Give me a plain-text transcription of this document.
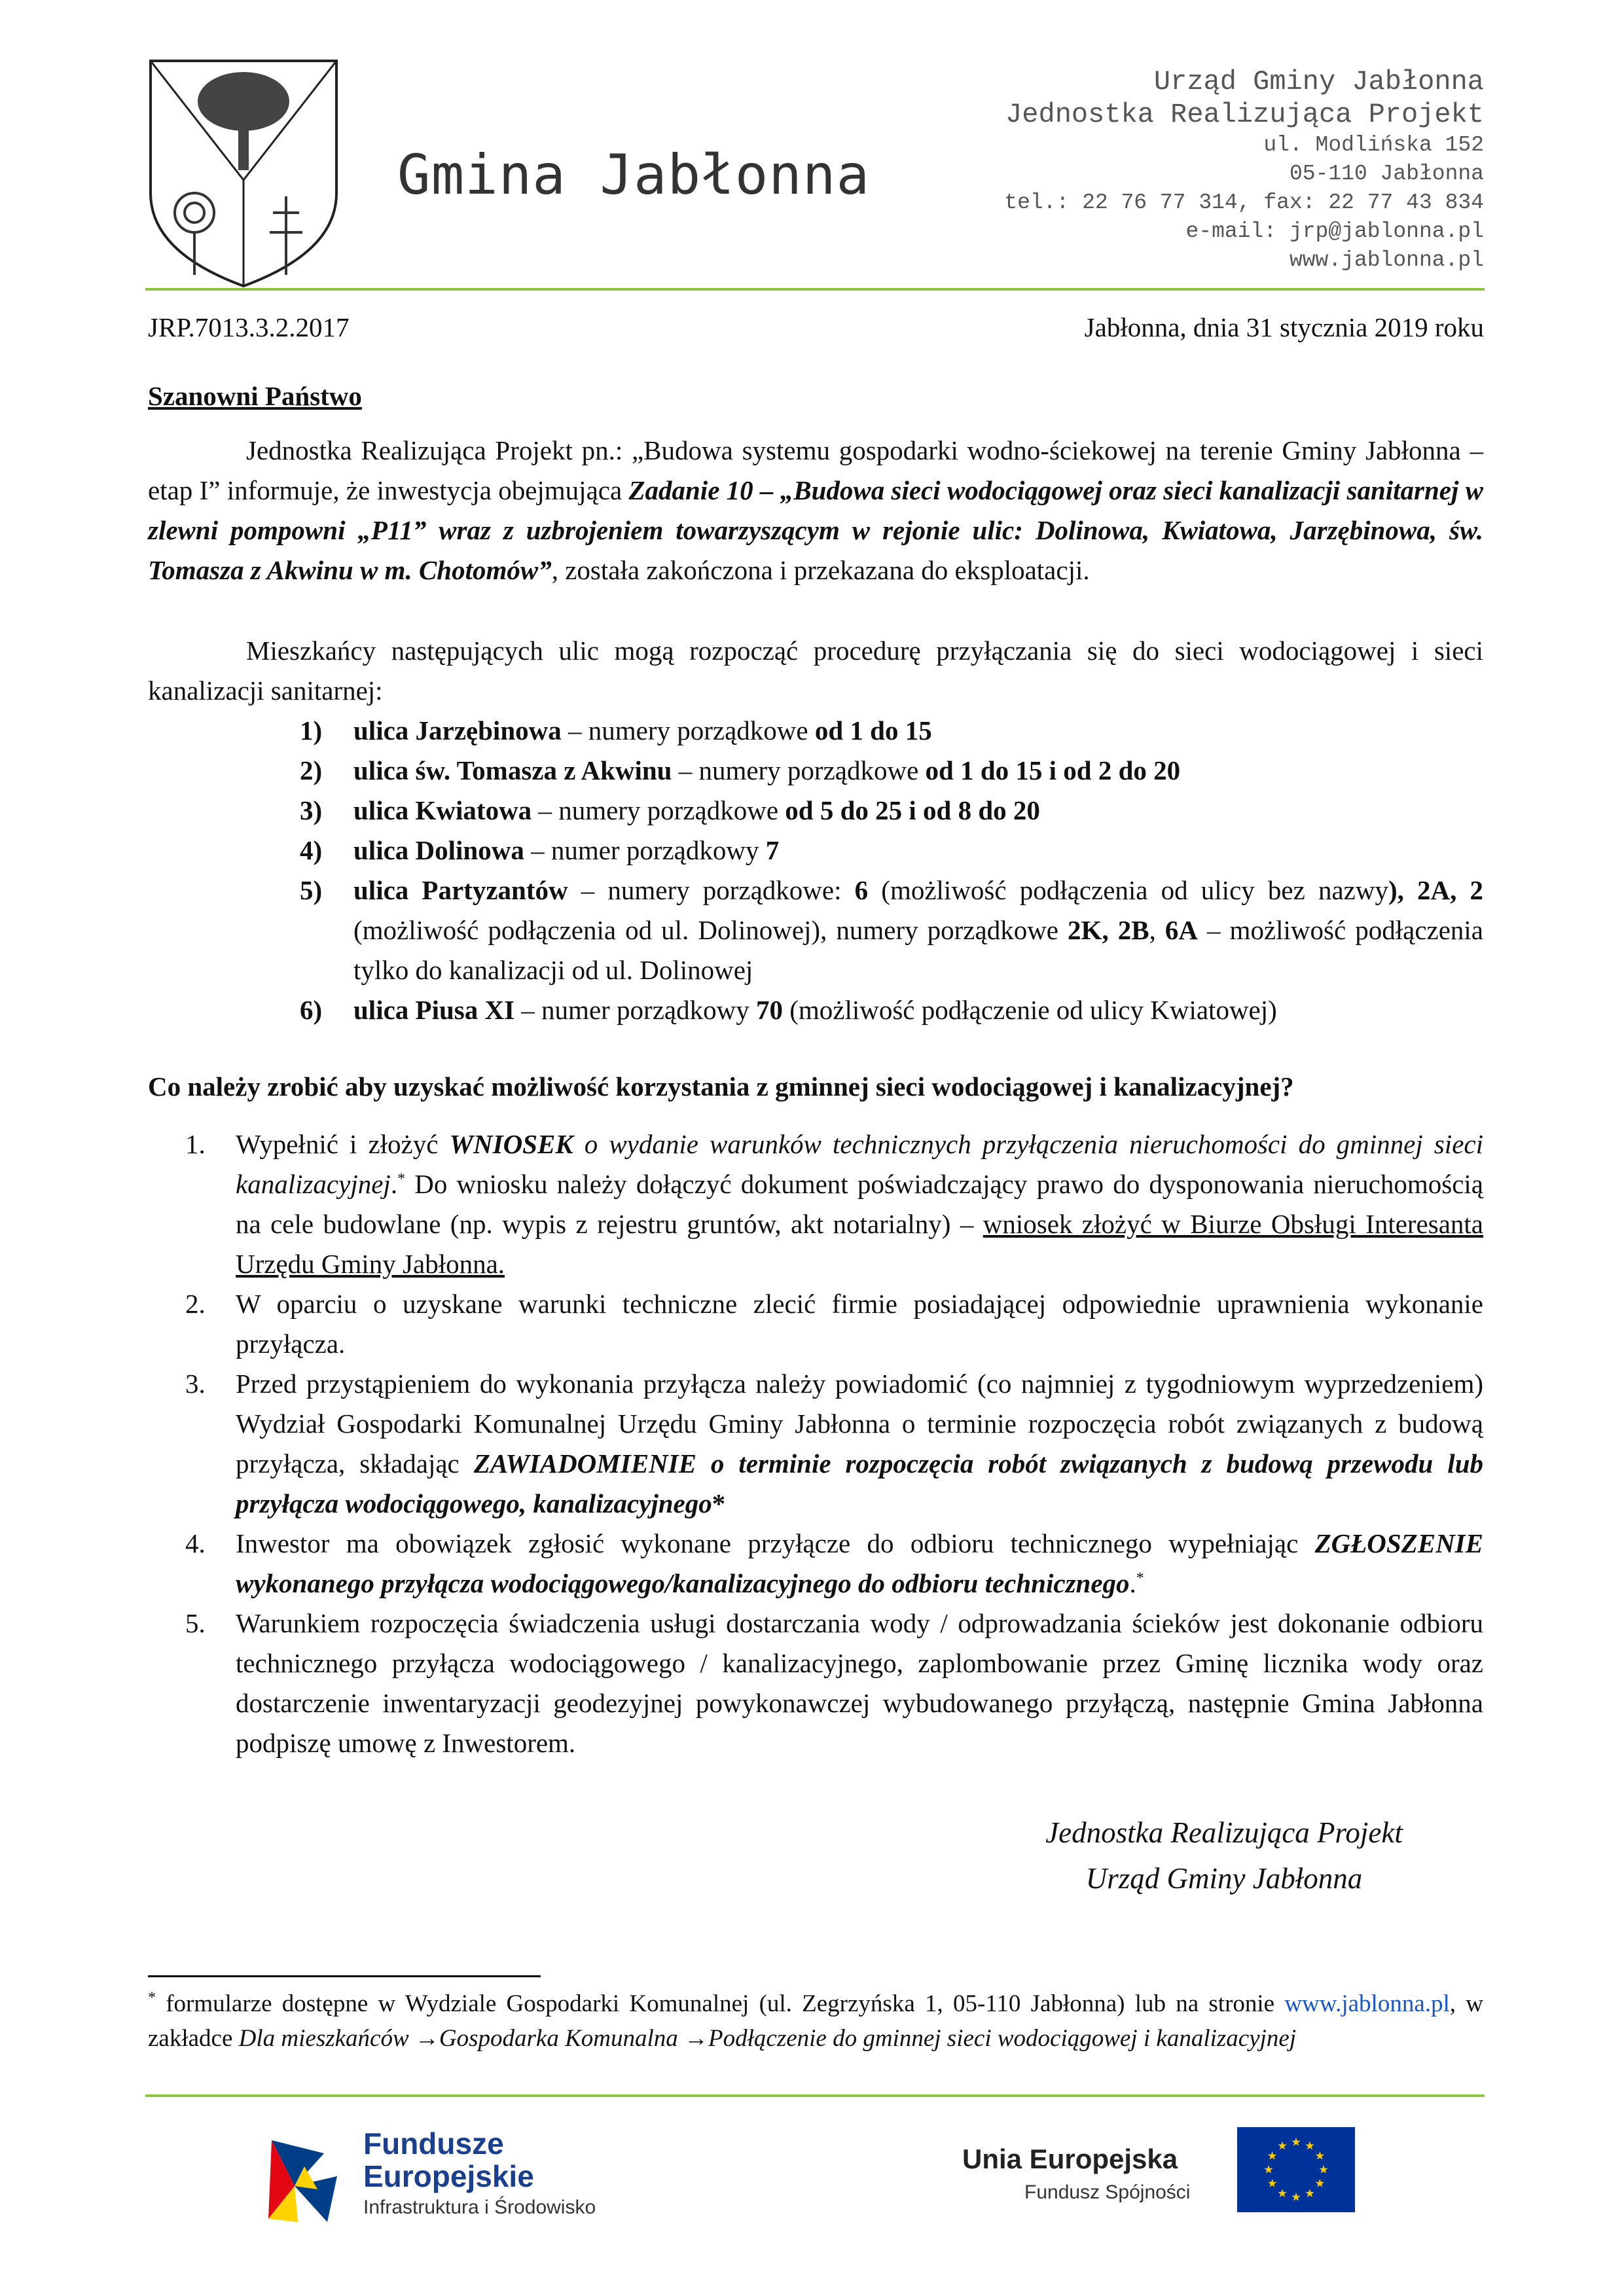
Gmina Jabłonna
Urząd Gminy Jabłonna
Jednostka Realizująca Projekt
ul. Modlińska 152
05-110 Jabłonna
tel.: 22 76 77 314, fax: 22 77 43 834
e-mail: jrp@jablonna.pl
www.jablonna.pl
JRP.7013.3.2.2017	Jabłonna, dnia 31 stycznia 2019 roku
Szanowni Państwo
Jednostka Realizująca Projekt pn.: „Budowa systemu gospodarki wodno-ściekowej na terenie Gminy Jabłonna – etap I” informuje, że inwestycja obejmująca Zadanie 10 – „Budowa sieci wodociągowej oraz sieci kanalizacji sanitarnej w zlewni pompowni „P11” wraz z uzbrojeniem towarzyszącym w rejonie ulic: Dolinowa, Kwiatowa, Jarzębinowa, św. Tomasza z Akwinu w m. Chotomów”, została zakończona i przekazana do eksploatacji.
Mieszkańcy następujących ulic mogą rozpocząć procedurę przyłączania się do sieci wodociągowej i sieci kanalizacji sanitarnej:
1) ulica Jarzębinowa – numery porządkowe od 1 do 15
2) ulica św. Tomasza z Akwinu – numery porządkowe od 1 do 15 i od 2 do 20
3) ulica Kwiatowa – numery porządkowe od 5 do 25 i od 8 do 20
4) ulica Dolinowa – numer porządkowy 7
5) ulica Partyzantów – numery porządkowe: 6 (możliwość podłączenia od ulicy bez nazwy), 2A, 2 (możliwość podłączenia od ul. Dolinowej), numery porządkowe 2K, 2B, 6A – możliwość podłączenia tylko do kanalizacji od ul. Dolinowej
6) ulica Piusa XI – numer porządkowy 70 (możliwość podłączenie od ulicy Kwiatowej)
Co należy zrobić aby uzyskać możliwość korzystania z gminnej sieci wodociągowej i kanalizacyjnej?
1. Wypełnić i złożyć WNIOSEK o wydanie warunków technicznych przyłączenia nieruchomości do gminnej sieci kanalizacyjnej.* Do wniosku należy dołączyć dokument poświadczający prawo do dysponowania nieruchomością na cele budowlane (np. wypis z rejestru gruntów, akt notarialny) – wniosek złożyć w Biurze Obsługi Interesanta Urzędu Gminy Jabłonna.
2. W oparciu o uzyskane warunki techniczne zlecić firmie posiadającej odpowiednie uprawnienia wykonanie przyłącza.
3. Przed przystąpieniem do wykonania przyłącza należy powiadomić (co najmniej z tygodniowym wyprzedzeniem) Wydział Gospodarki Komunalnej Urzędu Gminy Jabłonna o terminie rozpoczęcia robót związanych z budową przyłącza, składając ZAWIADOMIENIE o terminie rozpoczęcia robót związanych z budową przewodu lub przyłącza wodociągowego, kanalizacyjnego*
4. Inwestor ma obowiązek zgłosić wykonane przyłącze do odbioru technicznego wypełniając ZGŁOSZENIE wykonanego przyłącza wodociągowego/kanalizacyjnego do odbioru technicznego.*
5. Warunkiem rozpoczęcia świadczenia usługi dostarczania wody / odprowadzania ścieków jest dokonanie odbioru technicznego przyłącza wodociągowego / kanalizacyjnego, zaplombowanie przez Gminę licznika wody oraz dostarczenie inwentaryzacji geodezyjnej powykonawczej wybudowanego przyłączą, następnie Gmina Jabłonna podpiszę umowę z Inwestorem.
Jednostka Realizująca Projekt
Urząd Gminy Jabłonna
* formularze dostępne w Wydziale Gospodarki Komunalnej (ul. Zegrzyńska 1, 05-110 Jabłonna) lub na stronie www.jablonna.pl, w zakładce Dla mieszkańców →Gospodarka Komunalna →Podłączenie do gminnej sieci wodociągowej i kanalizacyjnej
Fundusze
Europejskie
Infrastruktura i Środowisko
Unia Europejska
Fundusz Spójności
